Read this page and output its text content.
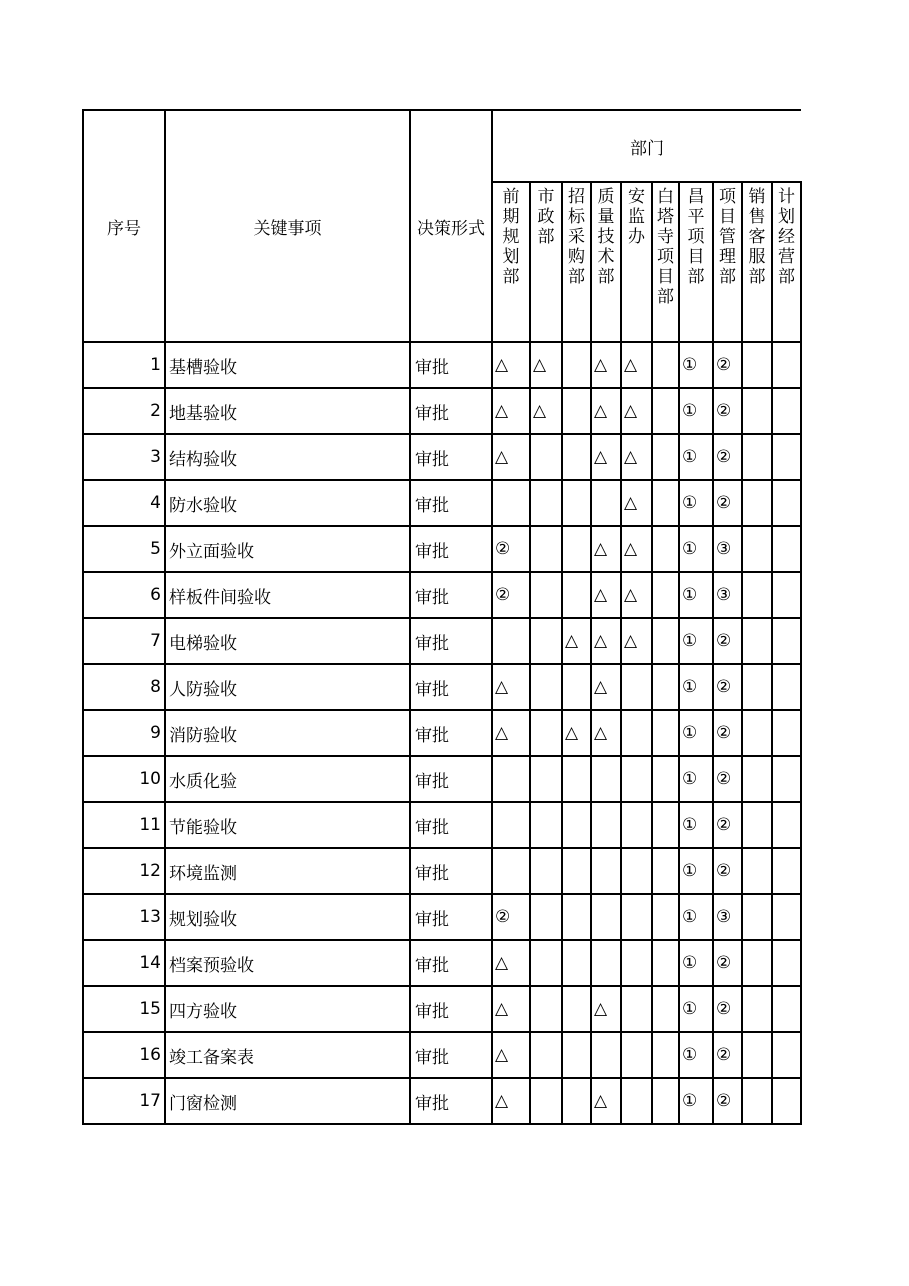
序号	关键事项	决策形式	部门									
			前期规划部	市政部	招标采购部	质量技术部	安监办	白塔寺项目部	昌平项目部	项目管理部	销售客服部	计划经营部
1	基槽验收	审批	△	△		△	△		①	②		
2	地基验收	审批	△	△		△	△		①	②		
3	结构验收	审批	△			△	△		①	②		
4	防水验收	审批					△		①	②		
5	外立面验收	审批	②			△	△		①	③		
6	样板件间验收	审批	②			△	△		①	③		
7	电梯验收	审批			△	△	△		①	②		
8	人防验收	审批	△			△			①	②		
9	消防验收	审批	△		△	△			①	②		
10	水质化验	审批							①	②		
11	节能验收	审批							①	②		
12	环境监测	审批							①	②		
13	规划验收	审批	②						①	③		
14	档案预验收	审批	△						①	②		
15	四方验收	审批	△			△			①	②		
16	竣工备案表	审批	△						①	②		
17	门窗检测	审批	△			△			①	②		
